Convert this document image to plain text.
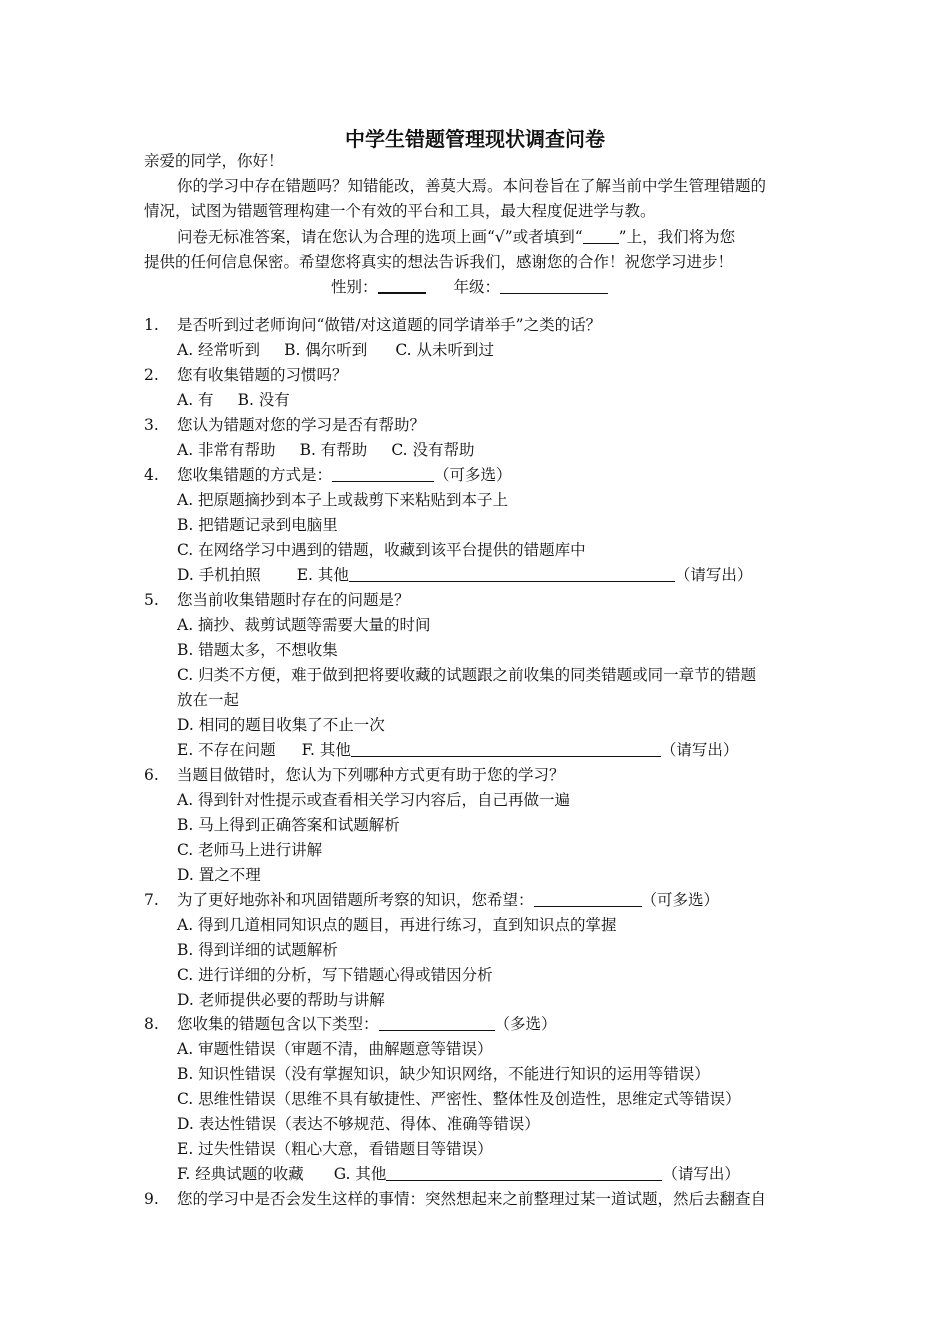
中学生错题管理现状调查问卷
亲爱的同学，你好！
你的学习中存在错题吗？知错能改，善莫大焉。本问卷旨在了解当前中学生管理错题的
情况，试图为错题管理构建一个有效的平台和工具，最大程度促进学与教。
问卷无标准答案，请在您认为合理的选项上画“√”或者填到“ ”上，我们将为您
提供的任何信息保密。希望您将真实的想法告诉我们，感谢您的合作！祝您学习进步！
性别：	年级：
1. 是否听到过老师询问“做错/对这道题的同学请举手”之类的话？
A. 经常听到 B. 偶尔听到 C. 从未听到过
2. 您有收集错题的习惯吗？
A. 有 B. 没有
3. 您认为错题对您的学习是否有帮助？
A. 非常有帮助 B. 有帮助 C. 没有帮助
4. 您收集错题的方式是：	（可多选）
A. 把原题摘抄到本子上或裁剪下来粘贴到本子上
B. 把错题记录到电脑里
C. 在网络学习中遇到的错题，收藏到该平台提供的错题库中
D. 手机拍照 E. 其他	（请写出）
5. 您当前收集错题时存在的问题是？
A. 摘抄、裁剪试题等需要大量的时间
B. 错题太多，不想收集
C. 归类不方便，难于做到把将要收藏的试题跟之前收集的同类错题或同一章节的错题
放在一起
D. 相同的题目收集了不止一次
E. 不存在问题 F. 其他	（请写出）
6. 当题目做错时，您认为下列哪种方式更有助于您的学习？
A. 得到针对性提示或查看相关学习内容后，自己再做一遍
B. 马上得到正确答案和试题解析
C. 老师马上进行讲解
D. 置之不理
7. 为了更好地弥补和巩固错题所考察的知识，您希望：	（可多选）
A. 得到几道相同知识点的题目，再进行练习，直到知识点的掌握
B. 得到详细的试题解析
C. 进行详细的分析，写下错题心得或错因分析
D. 老师提供必要的帮助与讲解
8. 您收集的错题包含以下类型：	（多选）
A. 审题性错误（审题不清，曲解题意等错误）
B. 知识性错误（没有掌握知识，缺少知识网络，不能进行知识的运用等错误）
C. 思维性错误（思维不具有敏捷性、严密性、整体性及创造性，思维定式等错误）
D. 表达性错误（表达不够规范、得体、准确等错误）
E. 过失性错误（粗心大意，看错题目等错误）
F. 经典试题的收藏 G. 其他	（请写出）
9. 您的学习中是否会发生这样的事情：突然想起来之前整理过某一道试题，然后去翻查自
